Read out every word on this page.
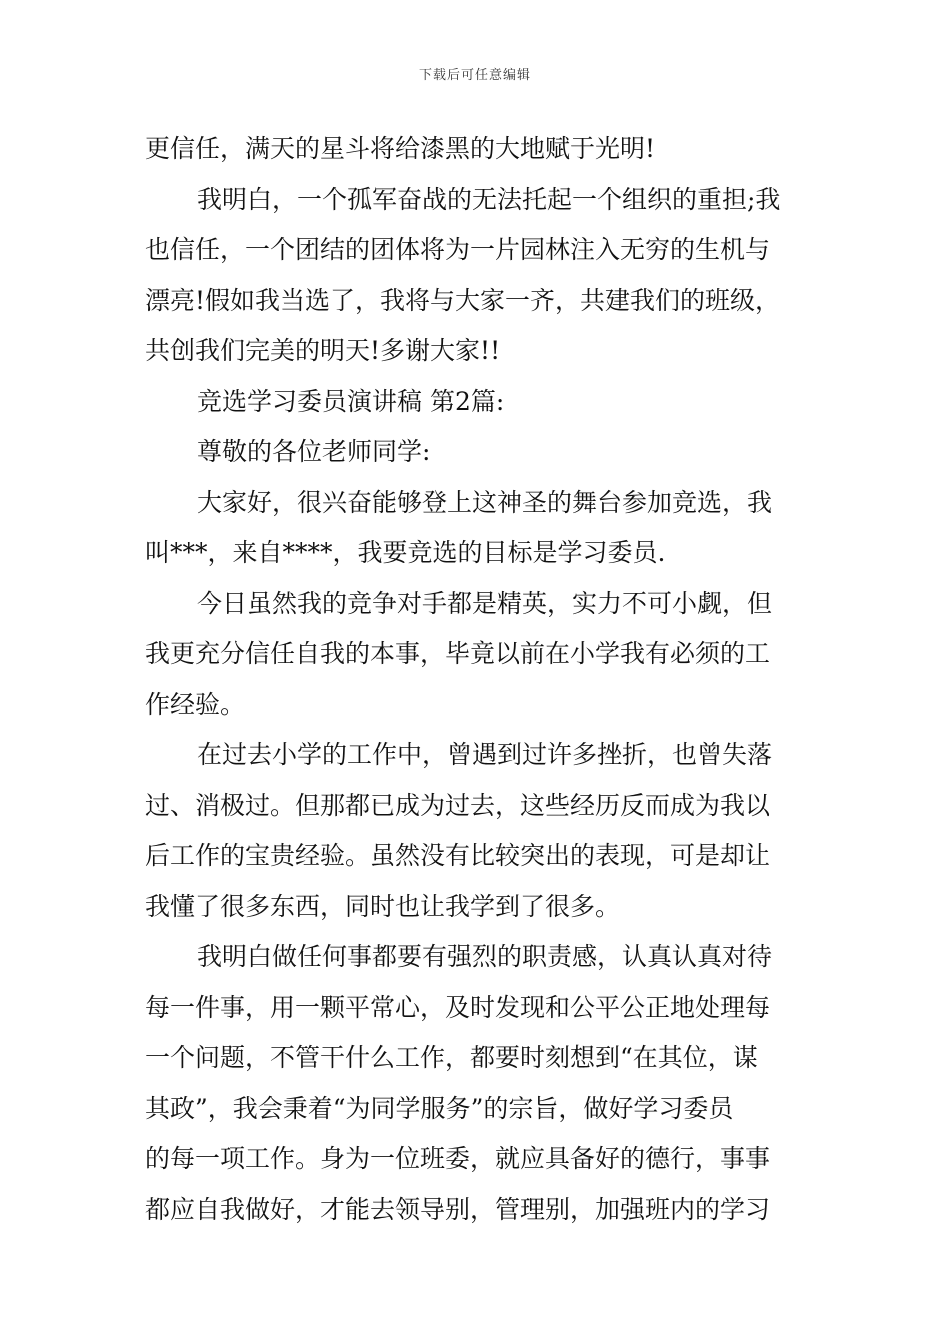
下载后可任意编辑
更信任，满天的星斗将给漆黑的大地赋于光明!
我明白，一个孤军奋战的无法托起一个组织的重担;我
也信任，一个团结的团体将为一片园林注入无穷的生机与
漂亮!假如我当选了，我将与大家一齐，共建我们的班级，
共创我们完美的明天!多谢大家!!
竞选学习委员演讲稿 第2篇:
尊敬的各位老师同学:
大家好，很兴奋能够登上这神圣的舞台参加竞选，我
叫***，来自****，我要竞选的目标是学习委员.
今日虽然我的竞争对手都是精英，实力不可小觑，但
我更充分信任自我的本事，毕竟以前在小学我有必须的工
作经验。
在过去小学的工作中，曾遇到过许多挫折，也曾失落
过、消极过。但那都已成为过去，这些经历反而成为我以
后工作的宝贵经验。虽然没有比较突出的表现，可是却让
我懂了很多东西，同时也让我学到了很多。
我明白做任何事都要有强烈的职责感，认真认真对待
每一件事，用一颗平常心，及时发现和公平公正地处理每
一个问题，不管干什么工作，都要时刻想到“在其位，谋
其政”，我会秉着“为同学服务”的宗旨，做好学习委员
的每一项工作。身为一位班委，就应具备好的德行，事事
都应自我做好，才能去领导别，管理别，加强班内的学习
